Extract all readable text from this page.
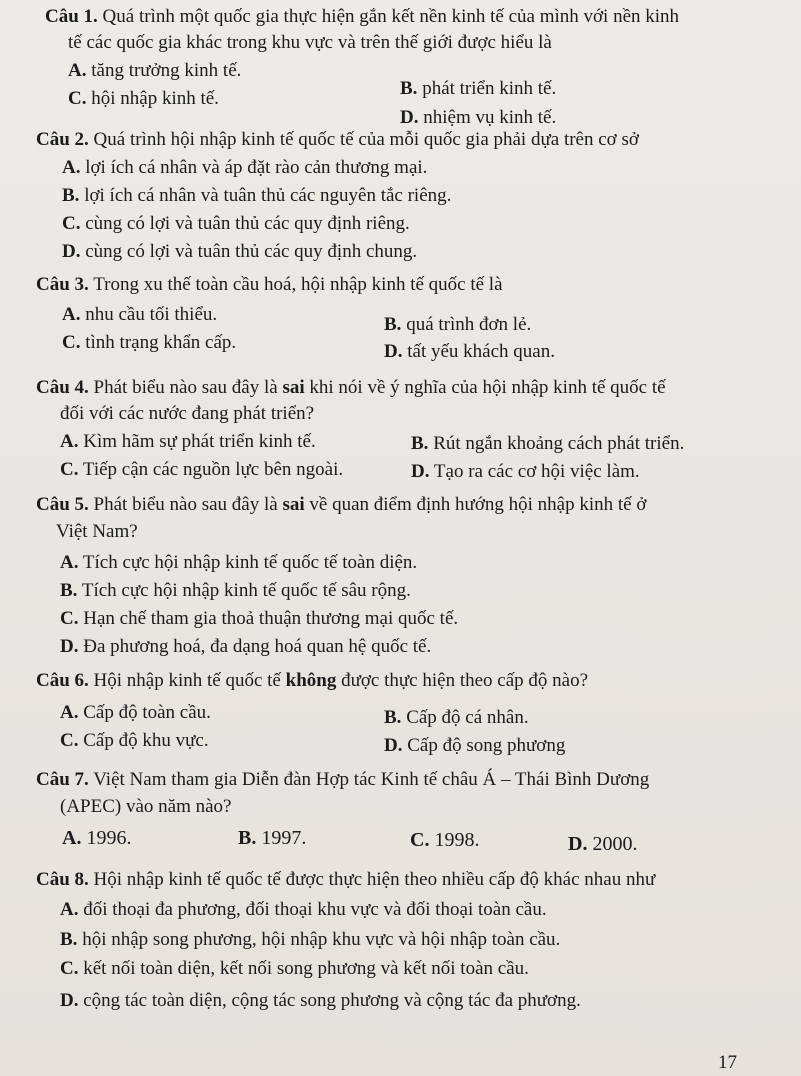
Câu 1. Quá trình một quốc gia thực hiện gắn kết nền kinh tế của mình với nền kinh
tế các quốc gia khác trong khu vực và trên thế giới được hiểu là
A. tăng trưởng kinh tế.
B. phát triển kinh tế.
C. hội nhập kinh tế.
D. nhiệm vụ kinh tế.
Câu 2. Quá trình hội nhập kinh tế quốc tế của mỗi quốc gia phải dựa trên cơ sở
A. lợi ích cá nhân và áp đặt rào cản thương mại.
B. lợi ích cá nhân và tuân thủ các nguyên tắc riêng.
C. cùng có lợi và tuân thủ các quy định riêng.
D. cùng có lợi và tuân thủ các quy định chung.
Câu 3. Trong xu thế toàn cầu hoá, hội nhập kinh tế quốc tế là
A. nhu cầu tối thiểu.	B. quá trình đơn lẻ.
C. tình trạng khẩn cấp.	D. tất yếu khách quan.
Câu 4. Phát biểu nào sau đây là sai khi nói về ý nghĩa của hội nhập kinh tế quốc tế
đối với các nước đang phát triển?
A. Kìm hãm sự phát triển kinh tế.	B. Rút ngắn khoảng cách phát triển.
C. Tiếp cận các nguồn lực bên ngoài.	D. Tạo ra các cơ hội việc làm.
Câu 5. Phát biểu nào sau đây là sai về quan điểm định hướng hội nhập kinh tế ở
Việt Nam?
A. Tích cực hội nhập kinh tế quốc tế toàn diện.
B. Tích cực hội nhập kinh tế quốc tế sâu rộng.
C. Hạn chế tham gia thoả thuận thương mại quốc tế.
D. Đa phương hoá, đa dạng hoá quan hệ quốc tế.
Câu 6. Hội nhập kinh tế quốc tế không được thực hiện theo cấp độ nào?
A. Cấp độ toàn cầu.	B. Cấp độ cá nhân.
C. Cấp độ khu vực.	D. Cấp độ song phương
Câu 7. Việt Nam tham gia Diễn đàn Hợp tác Kinh tế châu Á – Thái Bình Dương
(APEC) vào năm nào?
A. 1996.	B. 1997.	C. 1998.	D. 2000.
Câu 8. Hội nhập kinh tế quốc tế được thực hiện theo nhiều cấp độ khác nhau như
A. đối thoại đa phương, đối thoại khu vực và đối thoại toàn cầu.
B. hội nhập song phương, hội nhập khu vực và hội nhập toàn cầu.
C. kết nối toàn diện, kết nối song phương và kết nối toàn cầu.
D. cộng tác toàn diện, cộng tác song phương và cộng tác đa phương.
17
